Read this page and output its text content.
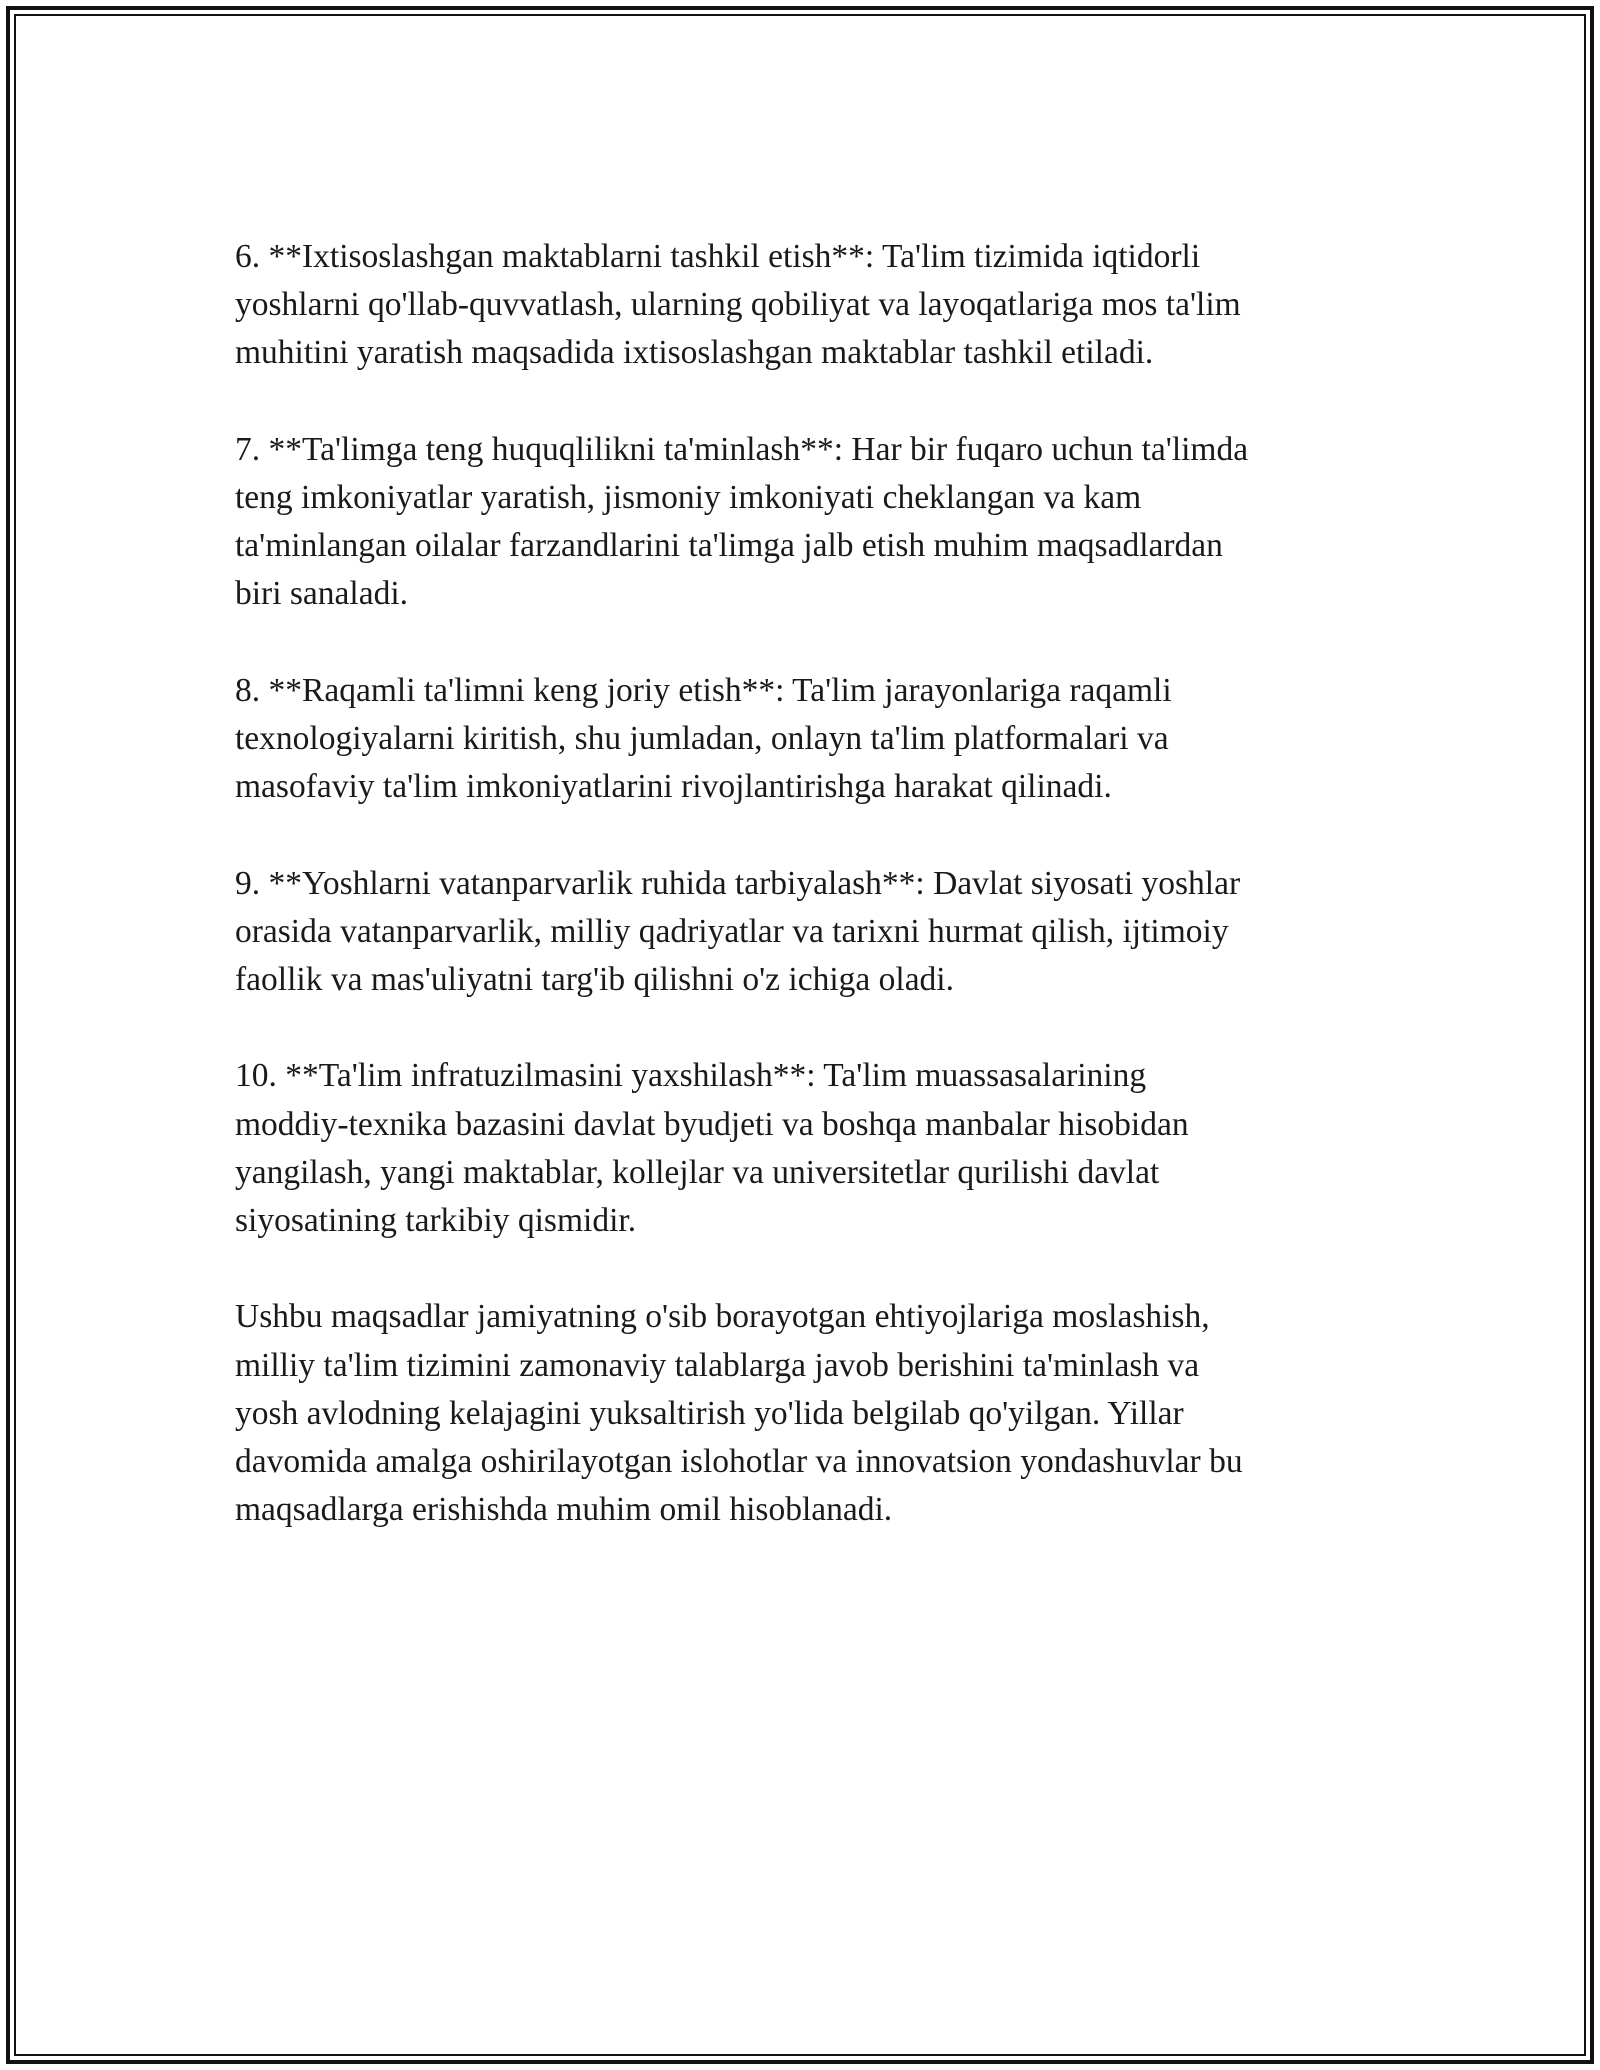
6. **Ixtisoslashgan maktablarni tashkil etish**: Ta'lim tizimida iqtidorli
yoshlarni qo'llab-quvvatlash, ularning qobiliyat va layoqatlariga mos ta'lim
muhitini yaratish maqsadida ixtisoslashgan maktablar tashkil etiladi.

7. **Ta'limga teng huquqlilikni ta'minlash**: Har bir fuqaro uchun ta'limda
teng imkoniyatlar yaratish, jismoniy imkoniyati cheklangan va kam
ta'minlangan oilalar farzandlarini ta'limga jalb etish muhim maqsadlardan
biri sanaladi.

8. **Raqamli ta'limni keng joriy etish**: Ta'lim jarayonlariga raqamli
texnologiyalarni kiritish, shu jumladan, onlayn ta'lim platformalari va
masofaviy ta'lim imkoniyatlarini rivojlantirishga harakat qilinadi.

9. **Yoshlarni vatanparvarlik ruhida tarbiyalash**: Davlat siyosati yoshlar
orasida vatanparvarlik, milliy qadriyatlar va tarixni hurmat qilish, ijtimoiy
faollik va mas'uliyatni targ'ib qilishni o'z ichiga oladi.

10. **Ta'lim infratuzilmasini yaxshilash**: Ta'lim muassasalarining
moddiy-texnika bazasini davlat byudjeti va boshqa manbalar hisobidan
yangilash, yangi maktablar, kollejlar va universitetlar qurilishi davlat
siyosatining tarkibiy qismidir.

Ushbu maqsadlar jamiyatning o'sib borayotgan ehtiyojlariga moslashish,
milliy ta'lim tizimini zamonaviy talablarga javob berishini ta'minlash va
yosh avlodning kelajagini yuksaltirish yo'lida belgilab qo'yilgan. Yillar
davomida amalga oshirilayotgan islohotlar va innovatsion yondashuvlar bu
maqsadlarga erishishda muhim omil hisoblanadi.
